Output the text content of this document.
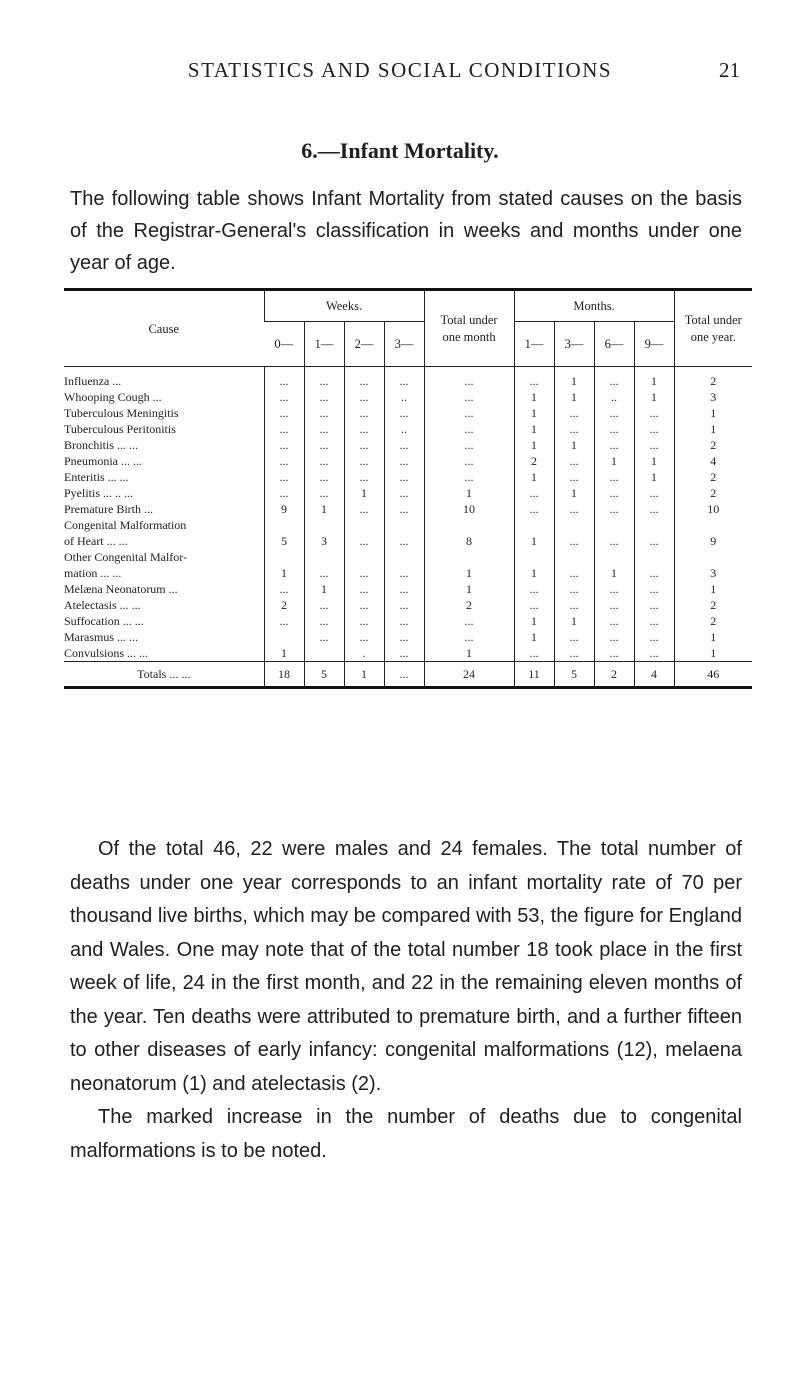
STATISTICS AND SOCIAL CONDITIONS	21
6.—Infant Mortality.
The following table shows Infant Mortality from stated causes on the basis of the Registrar-General's classification in weeks and months under one year of age.
Cause	Weeks.				Total under one month	Months.				Total under one year.
	0—	1—	2—	3—		1—	3—	6—	9—	
Influenza ...	...	...	...	...	...	...	1	...	1	2
Whooping Cough ...	...	...	...	..	...	1	1	..	1	3
Tuberculous Meningitis	...	...	...	...	...	1	...	...	...	1
Tuberculous Peritonitis	...	...	...	..	...	1	...	...	...	1
Bronchitis ... ...	...	...	...	...	...	1	1	...	...	2
Pneumonia ... ...	...	...	...	...	...	2	...	1	1	4
Enteritis ... ...	...	...	...	...	...	1	...	...	1	2
Pyelitis ... .. ...	...	...	1	...	1	...	1	...	...	2
Premature Birth ...	9	1	...	...	10	...	...	...	...	10
Congenital Malformation										
of Heart ... ...	5	3	...	...	8	1	...	...	...	9
Other Congenital Malfor-										
mation ... ...	1	...	...	...	1	1	...	1	...	3
Melæna Neonatorum ...	...	1	...	...	1	...	...	...	...	1
Atelectasis ... ...	2	...	...	...	2	...	...	...	...	2
Suffocation ... ...	...	...	...	...	...	1	1	...	...	2
Marasmus ... ...		...	...	...	...	1	...	...	...	1
Convulsions ... ...	1		.	...	1	...	...	...	...	1
Totals ... ...	18	5	1	...	24	11	5	2	4	46

Of the total 46, 22 were males and 24 females. The total number of deaths under one year corresponds to an infant mortality rate of 70 per thousand live births, which may be compared with 53, the figure for England and Wales. One may note that of the total number 18 took place in the first week of life, 24 in the first month, and 22 in the remaining eleven months of the year. Ten deaths were attributed to premature birth, and a further fifteen to other diseases of early infancy: congenital malformations (12), melaena neonatorum (1) and atelectasis (2).

The marked increase in the number of deaths due to congenital malformations is to be noted.
